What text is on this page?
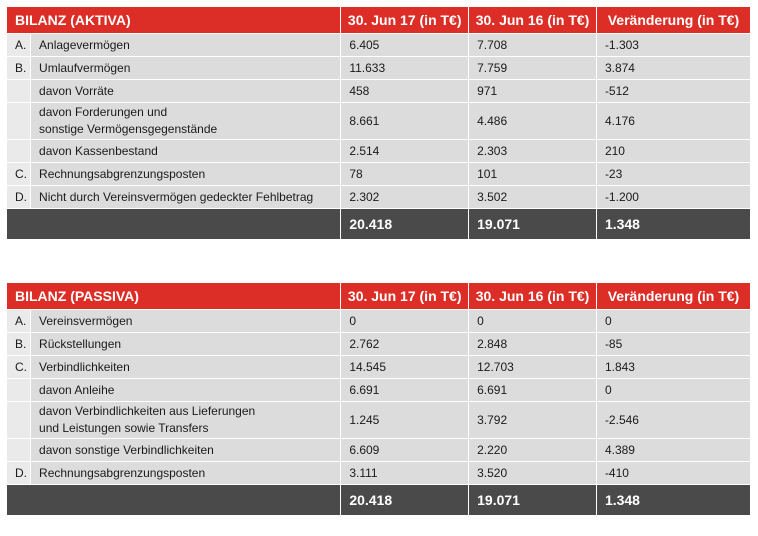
BILANZ (AKTIVA)		30. Jun 17 (in T€)	30. Jun 16 (in T€)	Veränderung (in T€)
A.	Anlagevermögen	6.405	7.708	-1.303
B.	Umlaufvermögen	11.633	7.759	3.874

	davon Vorräte	458	971	-512

	davon Forderungen und
sonstige Vermögensgegenstände	8.661	4.486	4.176

	davon Kassenbestand	2.514	2.303	210
C.	Rechnungsabgrenzungsposten	78	101	-23
D.	Nicht durch Vereinsvermögen gedeckter Fehlbetrag	2.302	3.502	-1.200
		20.418	19.071	1.348
BILANZ (PASSIVA)		30. Jun 17 (in T€)	30. Jun 16 (in T€)	Veränderung (in T€)
A.	Vereinsvermögen	0	0	0
B.	Rückstellungen	2.762	2.848	-85
C.	Verbindlichkeiten	14.545	12.703	1.843

	davon Anleihe	6.691	6.691	0

	davon Verbindlichkeiten aus Lieferungen
und Leistungen sowie Transfers	1.245	3.792	-2.546

	davon sonstige Verbindlichkeiten	6.609	2.220	4.389
D.	Rechnungsabgrenzungsposten	3.111	3.520	-410
		20.418	19.071	1.348
